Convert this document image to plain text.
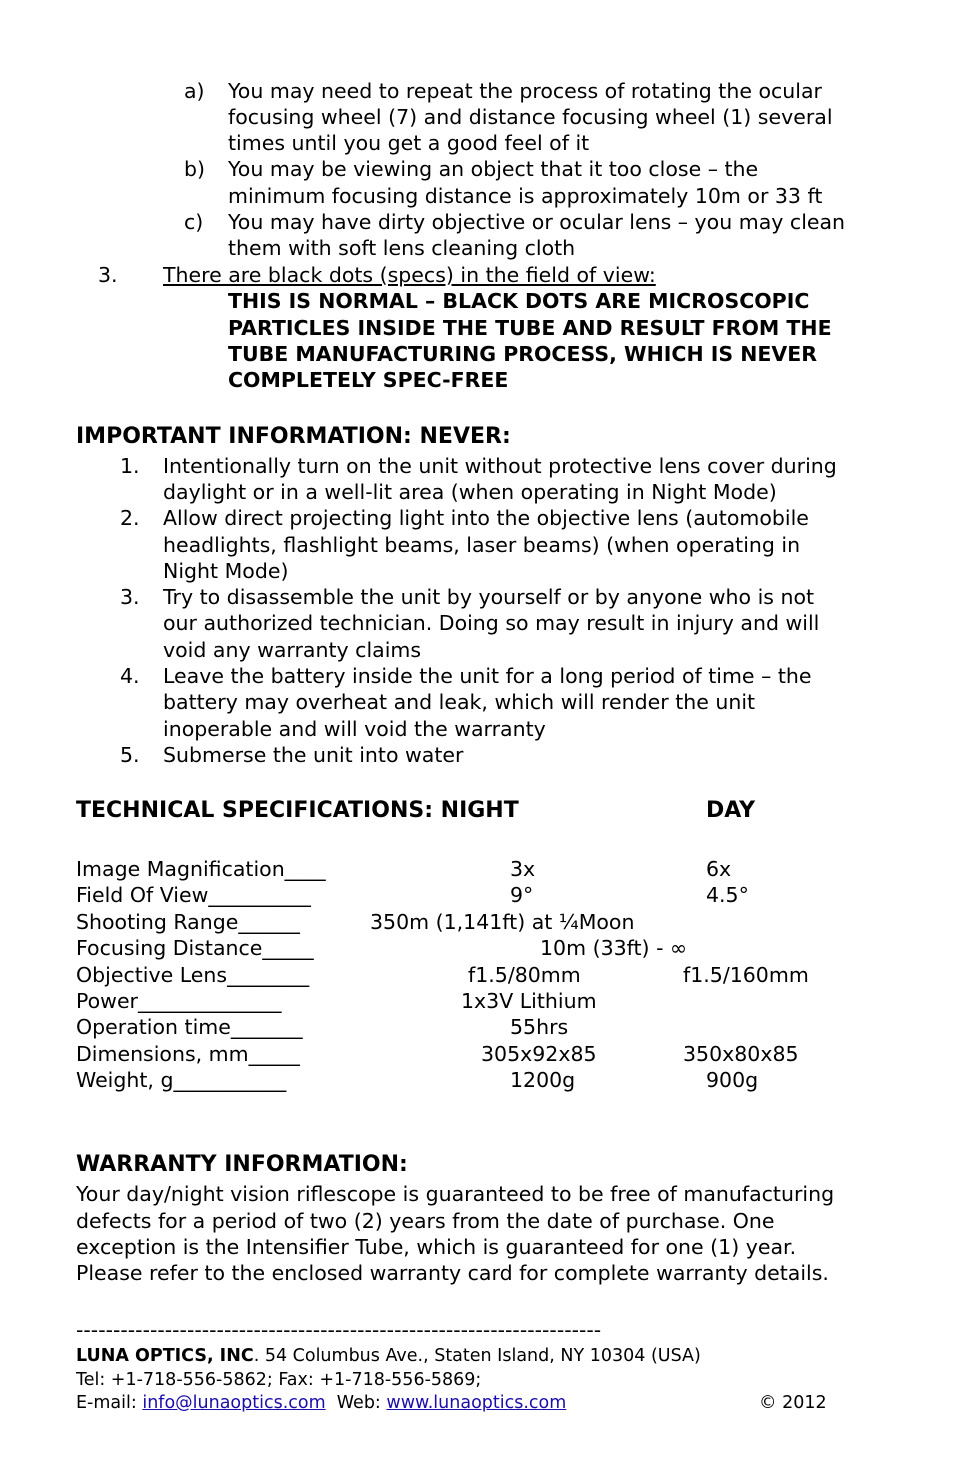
a) You may need to repeat the process of rotating the ocular
focusing wheel (7) and distance focusing wheel (1) several
times until you get a good feel of it
b) You may be viewing an object that it too close – the
minimum focusing distance is approximately 10m or 33 ft
c) You may have dirty objective or ocular lens – you may clean
them with soft lens cleaning cloth
3. There are black dots (specs) in the field of view:
THIS IS NORMAL – BLACK DOTS ARE MICROSCOPIC
PARTICLES INSIDE THE TUBE AND RESULT FROM THE
TUBE MANUFACTURING PROCESS, WHICH IS NEVER
COMPLETELY SPEC-FREE
IMPORTANT INFORMATION: NEVER:
1. Intentionally turn on the unit without protective lens cover during
daylight or in a well-lit area (when operating in Night Mode)
2. Allow direct projecting light into the objective lens (automobile
headlights, flashlight beams, laser beams) (when operating in
Night Mode)
3. Try to disassemble the unit by yourself or by anyone who is not
our authorized technician. Doing so may result in injury and will
void any warranty claims
4. Leave the battery inside the unit for a long period of time – the
battery may overheat and leak, which will render the unit
inoperable and will void the warranty
5. Submerse the unit into water
TECHNICAL SPECIFICATIONS: NIGHT	DAY
Image Magnification____	3x	6x
Field Of View__________	9°	4.5°
Shooting Range______	350m (1,141ft) at ¼Moon
Focusing Distance_____	10m (33ft) - ∞
Objective Lens________	f1.5/80mm	f1.5/160mm
Power______________	1x3V Lithium
Operation time_______	55hrs
Dimensions, mm_____	305x92x85	350x80x85
Weight, g___________	1200g	900g
WARRANTY INFORMATION:
Your day/night vision riflescope is guaranteed to be free of manufacturing
defects for a period of two (2) years from the date of purchase. One
exception is the Intensifier Tube, which is guaranteed for one (1) year.
Please refer to the enclosed warranty card for complete warranty details.
-----------------------------------------------------------------------
LUNA OPTICS, INC. 54 Columbus Ave., Staten Island, NY 10304 (USA)
Tel: +1-718-556-5862; Fax: +1-718-556-5869;
E-mail: info@lunaoptics.com Web: www.lunaoptics.com	© 2012
